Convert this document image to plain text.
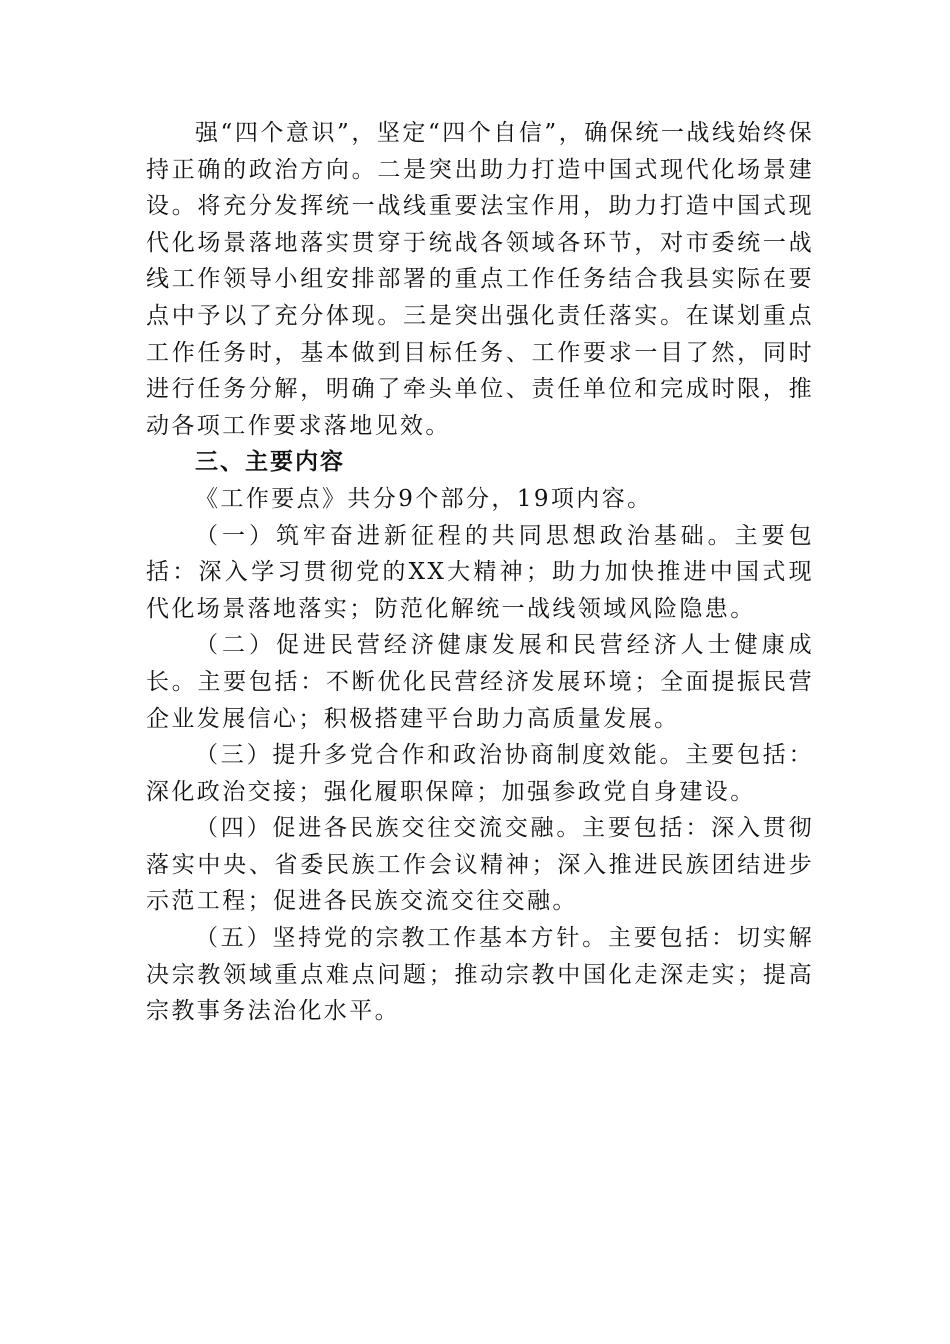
强“四个意识”，坚定“四个自信”，确保统一战线始终保持正确的政治方向。二是突出助力打造中国式现代化场景建设。将充分发挥统一战线重要法宝作用，助力打造中国式现代化场景落地落实贯穿于统战各领域各环节，对市委统一战线工作领导小组安排部署的重点工作任务结合我县实际在要点中予以了充分体现。三是突出强化责任落实。在谋划重点工作任务时，基本做到目标任务、工作要求一目了然，同时进行任务分解，明确了牵头单位、责任单位和完成时限，推动各项工作要求落地见效。

三、主要内容

《工作要点》共分9个部分，19项内容。

（一）筑牢奋进新征程的共同思想政治基础。主要包括：深入学习贯彻党的XX大精神；助力加快推进中国式现代化场景落地落实；防范化解统一战线领域风险隐患。

（二）促进民营经济健康发展和民营经济人士健康成长。主要包括：不断优化民营经济发展环境；全面提振民营企业发展信心；积极搭建平台助力高质量发展。

（三）提升多党合作和政治协商制度效能。主要包括：深化政治交接；强化履职保障；加强参政党自身建设。

（四）促进各民族交往交流交融。主要包括：深入贯彻落实中央、省委民族工作会议精神；深入推进民族团结进步示范工程；促进各民族交流交往交融。

（五）坚持党的宗教工作基本方针。主要包括：切实解决宗教领域重点难点问题；推动宗教中国化走深走实；提高宗教事务法治化水平。
